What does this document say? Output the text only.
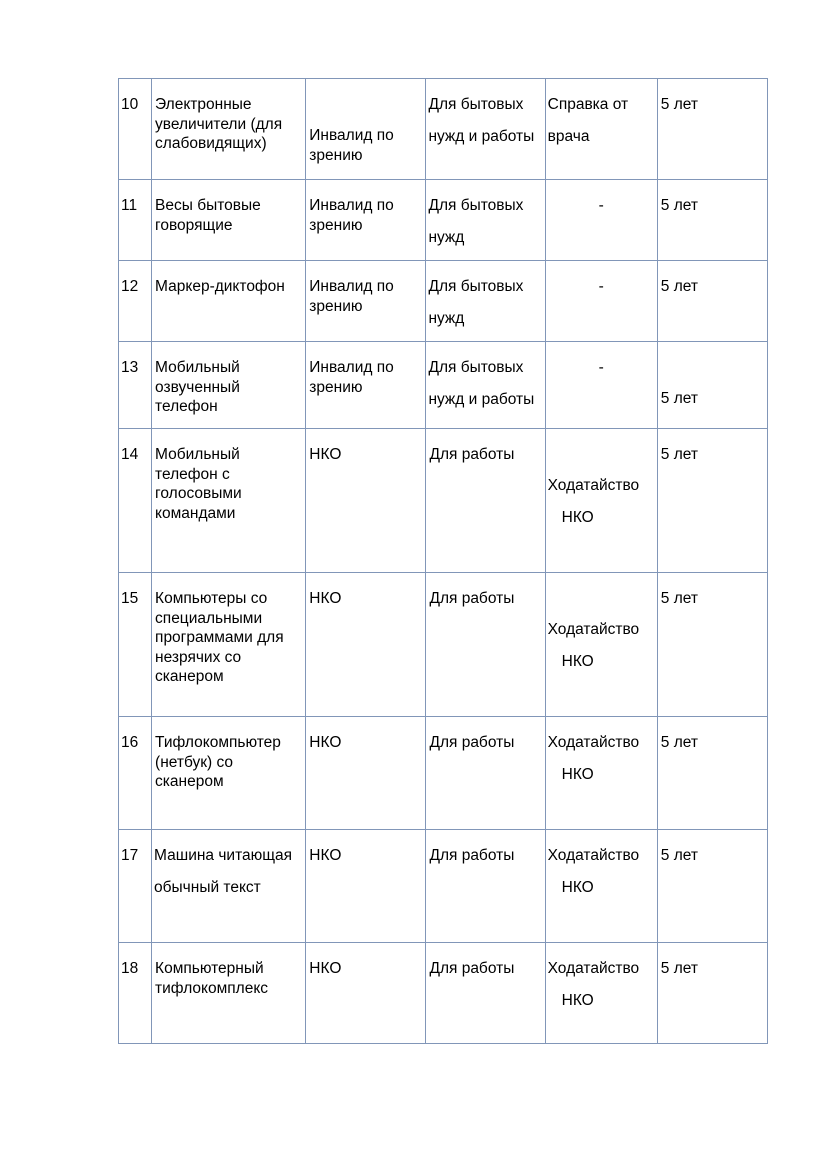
10	Электронные
увеличители (для
слабовидящих)	Инвалид по
зрению	Для бытовых
нужд и работы	Справка от
врача	5 лет

11	Весы бытовые
говорящие	Инвалид по
зрению	Для бытовых
нужд	-	5 лет

12	Маркер-диктофон	Инвалид по
зрению	Для бытовых
нужд	-	5 лет

13	Мобильный
озвученный
телефон	Инвалид по
зрению	Для бытовых
нужд и работы	-	5 лет

14	Мобильный
телефон с
голосовыми
командами	НКО	Для работы	Ходатайство
НКО	5 лет

15	Компьютеры со
специальными
программами для
незрячих со
сканером	НКО	Для работы	Ходатайство
НКО	5 лет

16	Тифлокомпьютер
(нетбук) со
сканером	НКО	Для работы	Ходатайство
НКО	5 лет

17	Машина читающая
обычный текст	НКО	Для работы	Ходатайство
НКО	5 лет

18	Компьютерный
тифлокомплекс	НКО	Для работы	Ходатайство
НКО	5 лет
